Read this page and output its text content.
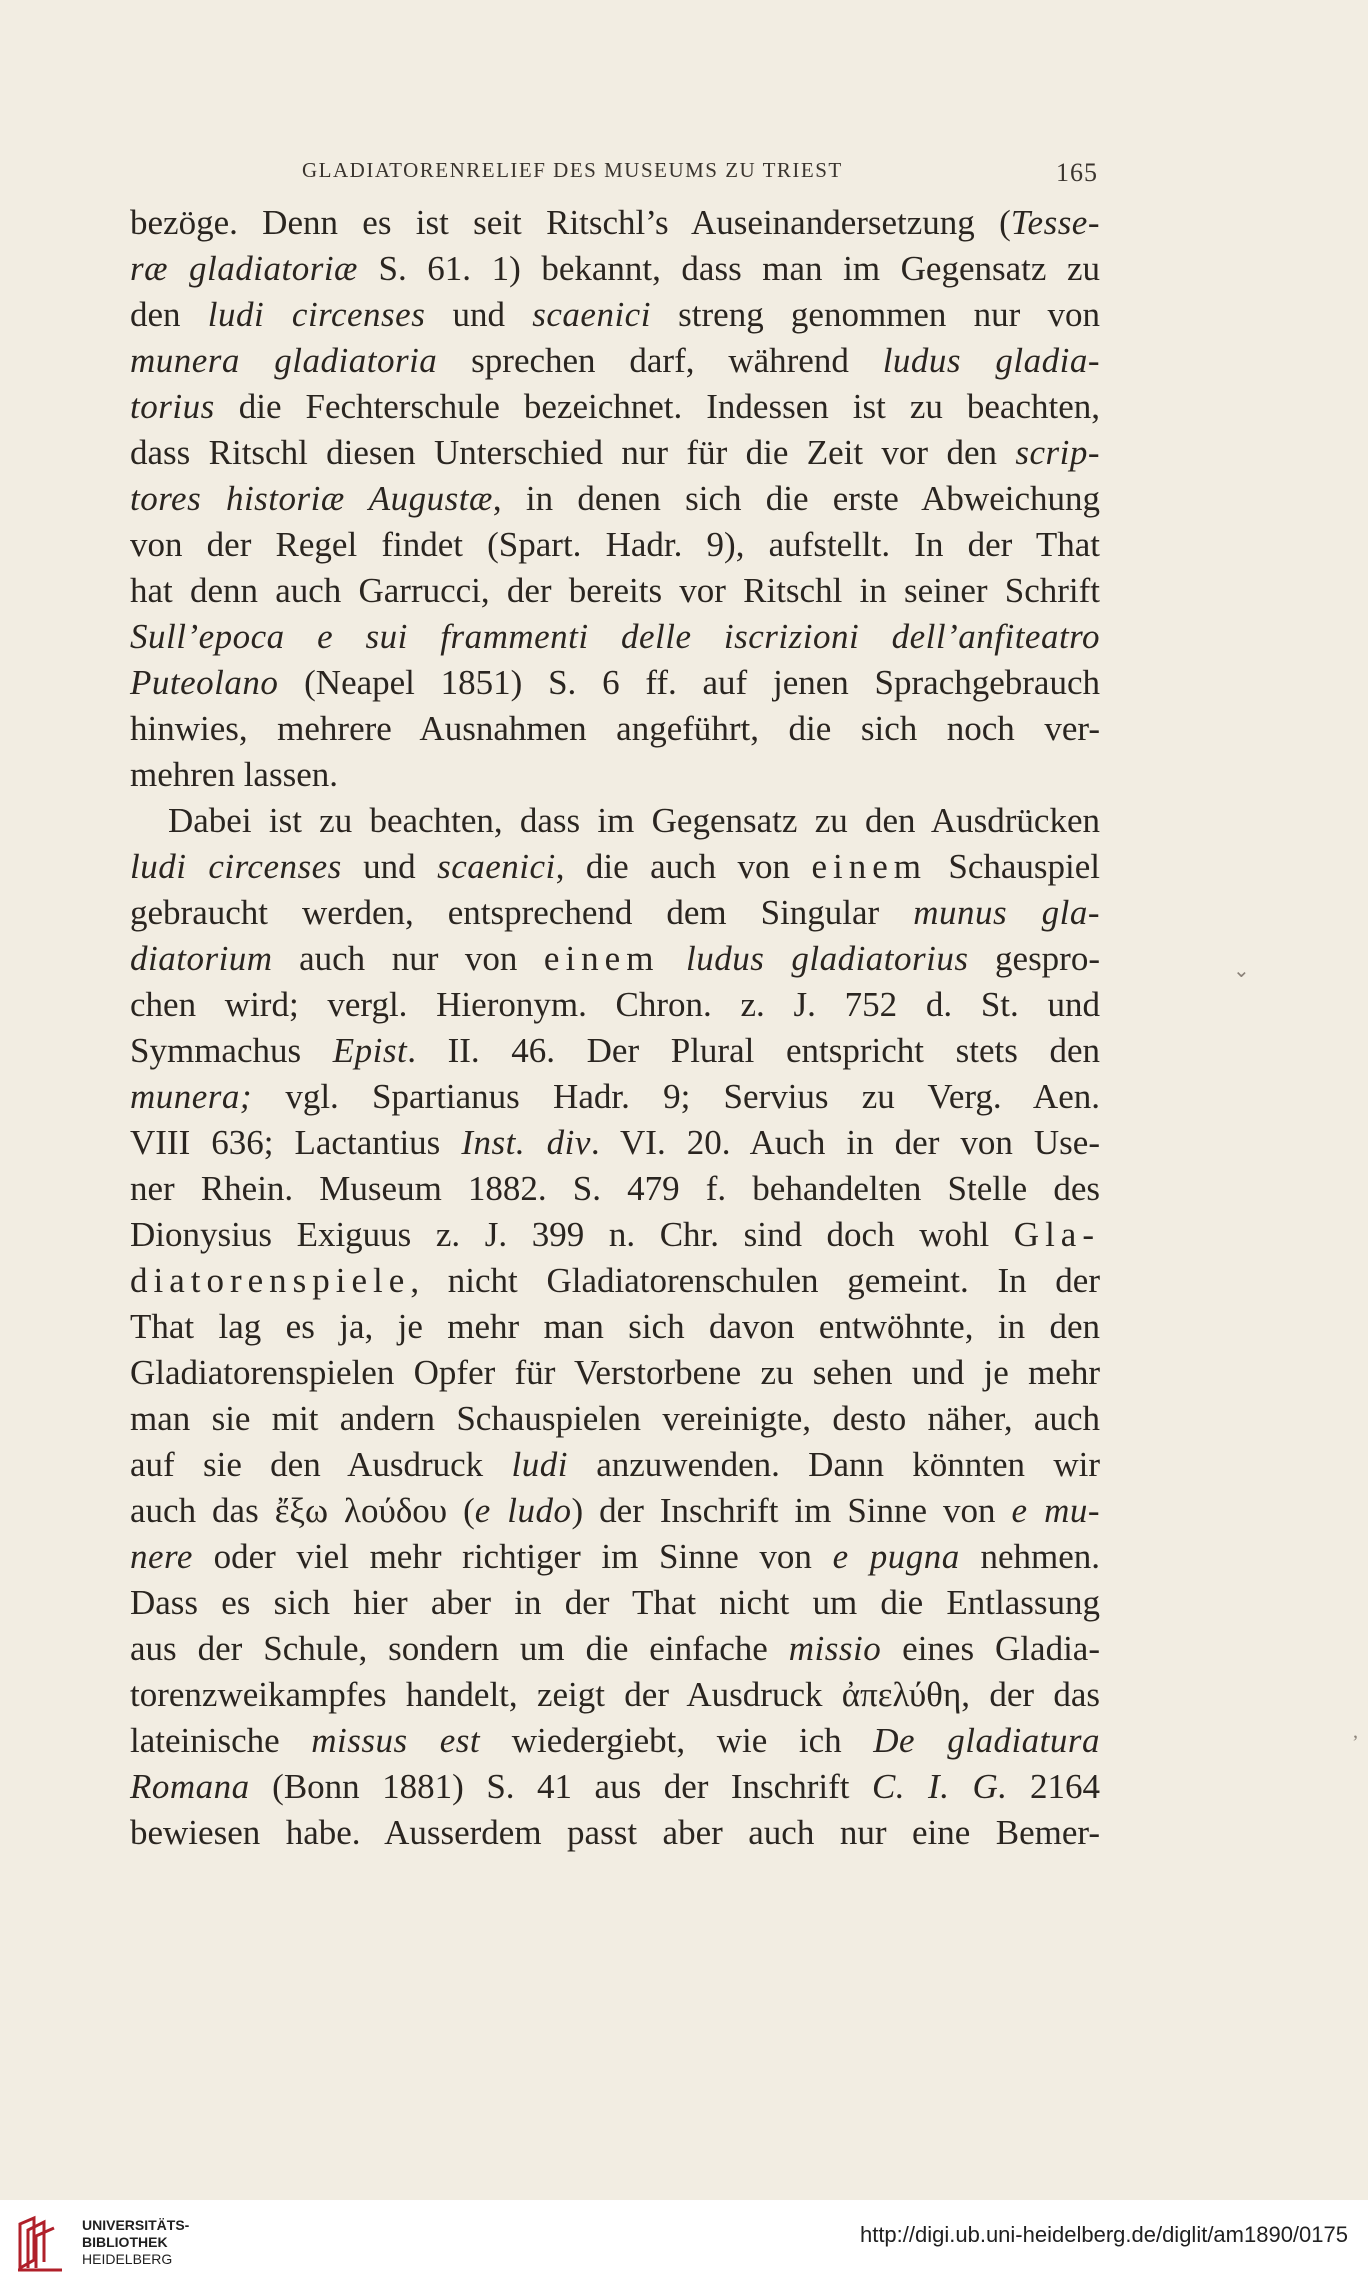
GLADIATORENRELIEF DES MUSEUMS ZU TRIEST	165
bezöge. Denn es ist seit Ritschl’s Auseinandersetzung (Tesse-
ræ gladiatoriæ S. 61. 1) bekannt, dass man im Gegensatz zu
den ludi circenses und scaenici streng genommen nur von
munera gladiatoria sprechen darf, während ludus gladia-
torius die Fechterschule bezeichnet. Indessen ist zu beachten,
dass Ritschl diesen Unterschied nur für die Zeit vor den scrip-
tores historiæ Augustæ, in denen sich die erste Abweichung
von der Regel findet (Spart. Hadr. 9), aufstellt. In der That
hat denn auch Garrucci, der bereits vor Ritschl in seiner Schrift
Sull’epoca e sui frammenti delle iscrizioni dell’anfiteatro
Puteolano (Neapel 1851) S. 6 ff. auf jenen Sprachgebrauch
hinwies, mehrere Ausnahmen angeführt, die sich noch ver-
mehren lassen.
Dabei ist zu beachten, dass im Gegensatz zu den Ausdrücken
ludi circenses und scaenici, die auch von einem Schauspiel
gebraucht werden, entsprechend dem Singular munus gla-
diatorium auch nur von einem ludus gladiatorius gespro-
chen wird; vergl. Hieronym. Chron. z. J. 752 d. St. und
Symmachus Epist. II. 46. Der Plural entspricht stets den
munera; vgl. Spartianus Hadr. 9; Servius zu Verg. Aen.
VIII 636; Lactantius Inst. div. VI. 20. Auch in der von Use-
ner Rhein. Museum 1882. S. 479 f. behandelten Stelle des
Dionysius Exiguus z. J. 399 n. Chr. sind doch wohl Gla-
diatorenspiele, nicht Gladiatorenschulen gemeint. In der
That lag es ja, je mehr man sich davon entwöhnte, in den
Gladiatorenspielen Opfer für Verstorbene zu sehen und je mehr
man sie mit andern Schauspielen vereinigte, desto näher, auch
auf sie den Ausdruck ludi anzuwenden. Dann könnten wir
auch das ἔξω λούδου (e ludo) der Inschrift im Sinne von e mu-
nere oder viel mehr richtiger im Sinne von e pugna nehmen.
Dass es sich hier aber in der That nicht um die Entlassung
aus der Schule, sondern um die einfache missio eines Gladia-
torenzweikampfes handelt, zeigt der Ausdruck ἀπελύθη, der das
lateinische missus est wiedergiebt, wie ich De gladiatura
Romana (Bonn 1881) S. 41 aus der Inschrift C. I. G. 2164
bewiesen habe. Ausserdem passt aber auch nur eine Bemer-
⌄
ʼ
UNIVERSITÄTS-
BIBLIOTHEK
HEIDELBERG
http://digi.ub.uni-heidelberg.de/diglit/am1890/0175
